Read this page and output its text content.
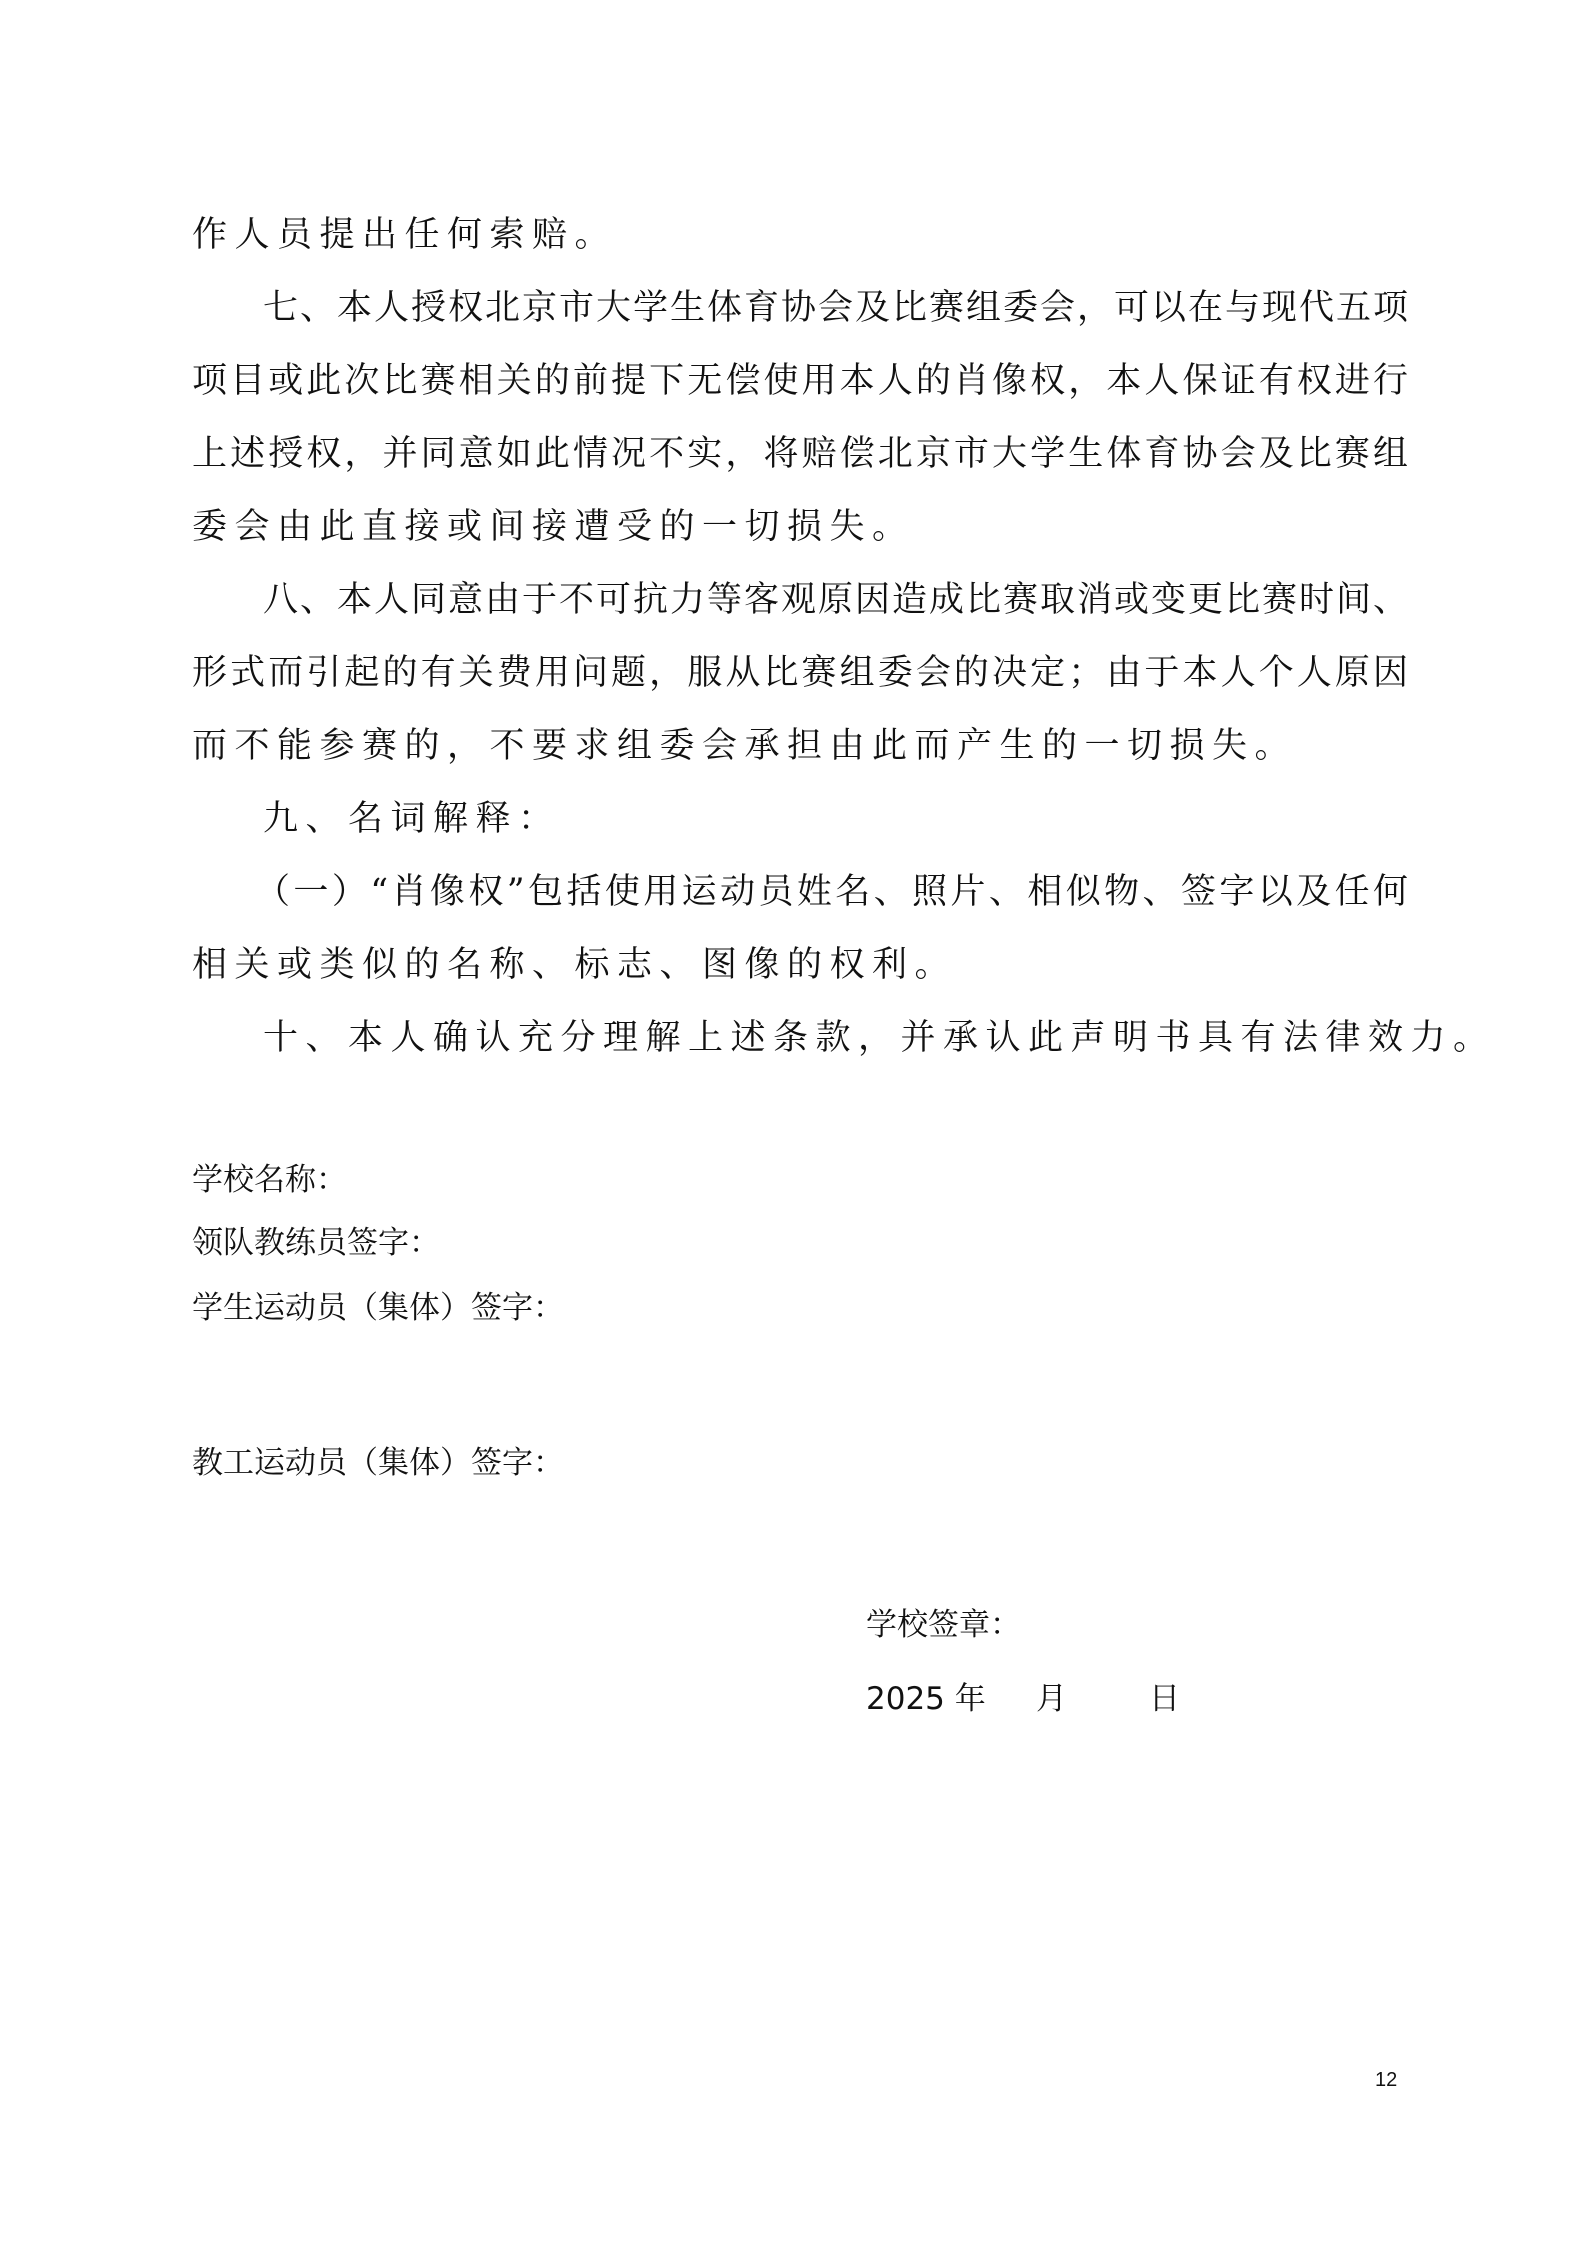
作人员提出任何索赔。
七、本人授权北京市大学生体育协会及比赛组委会，可以在与现代五项
项目或此次比赛相关的前提下无偿使用本人的肖像权，本人保证有权进行
上述授权，并同意如此情况不实，将赔偿北京市大学生体育协会及比赛组
委会由此直接或间接遭受的一切损失。
八、本人同意由于不可抗力等客观原因造成比赛取消或变更比赛时间、
形式而引起的有关费用问题，服从比赛组委会的决定；由于本人个人原因
而不能参赛的，不要求组委会承担由此而产生的一切损失。
九、名词解释：
（一）“肖像权”包括使用运动员姓名、照片、相似物、签字以及任何
相关或类似的名称、标志、图像的权利。
十、本人确认充分理解上述条款，并承认此声明书具有法律效力。
学校名称：
领队教练员签字：
学生运动员（集体）签字：
教工运动员（集体）签字：
学校签章：
2025 年 月	日
12
